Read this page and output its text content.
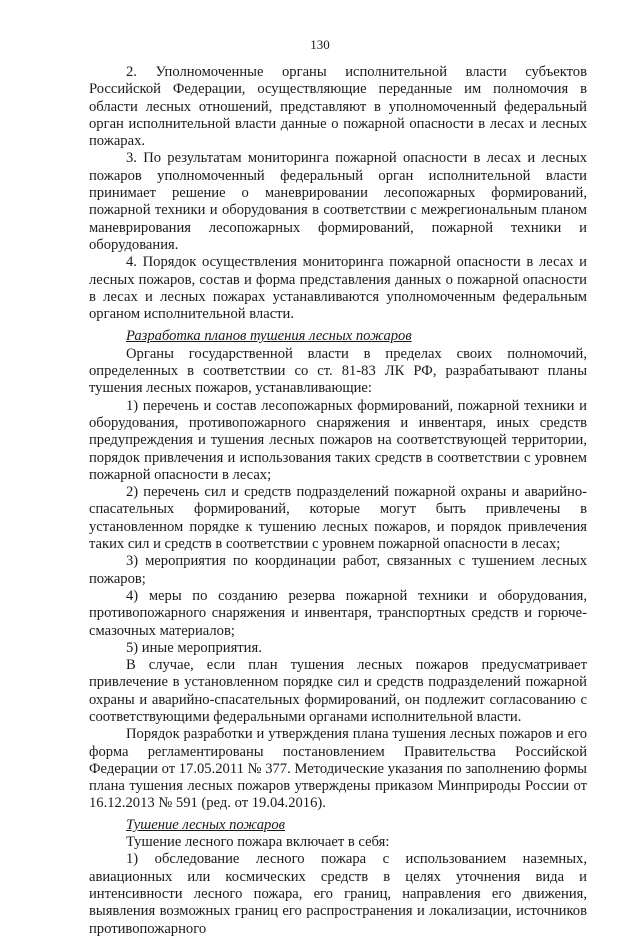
130

2. Уполномоченные органы исполнительной власти субъектов Российской Федерации, осуществляющие переданные им полномочия в области лесных отношений, представляют в уполномоченный федеральный орган исполнительной власти данные о пожарной опасности в лесах и лесных пожарах.

3. По результатам мониторинга пожарной опасности в лесах и лесных пожаров уполномоченный федеральный орган исполнительной власти принимает решение о маневрировании лесопожарных формирований, пожарной техники и оборудования в соответствии с межрегиональным планом маневрирования лесопожарных формирований, пожарной техники и оборудования.

4. Порядок осуществления мониторинга пожарной опасности в лесах и лесных пожаров, состав и форма представления данных о пожарной опасности в лесах и лесных пожарах устанавливаются уполномоченным федеральным органом исполнительной власти.

Разработка планов тушения лесных пожаров

Органы государственной власти в пределах своих полномочий, определенных в соответствии со ст. 81-83 ЛК РФ, разрабатывают планы тушения лесных пожаров, устанавливающие:

1) перечень и состав лесопожарных формирований, пожарной техники и оборудования, противопожарного снаряжения и инвентаря, иных средств предупреждения и тушения лесных пожаров на соответствующей территории, порядок привлечения и использования таких средств в соответствии с уровнем пожарной опасности в лесах;

2) перечень сил и средств подразделений пожарной охраны и аварийно-спасательных формирований, которые могут быть привлечены в установленном порядке к тушению лесных пожаров, и порядок привлечения таких сил и средств в соответствии с уровнем пожарной опасности в лесах;

3) мероприятия по координации работ, связанных с тушением лесных пожаров;

4) меры по созданию резерва пожарной техники и оборудования, противопожарного снаряжения и инвентаря, транспортных средств и горюче-смазочных материалов;

5) иные мероприятия.

В случае, если план тушения лесных пожаров предусматривает привлечение в установленном порядке сил и средств подразделений пожарной охраны и аварийно-спасательных формирований, он подлежит согласованию с соответствующими федеральными органами исполнительной власти.

Порядок разработки и утверждения плана тушения лесных пожаров и его форма регламентированы постановлением Правительства Российской Федерации от 17.05.2011 № 377. Методические указания по заполнению формы плана тушения лесных пожаров утверждены приказом Минприроды России от 16.12.2013 № 591 (ред. от 19.04.2016).

Тушение лесных пожаров

Тушение лесного пожара включает в себя:

1) обследование лесного пожара с использованием наземных, авиационных или космических средств в целях уточнения вида и интенсивности лесного пожара, его границ, направления его движения, выявления возможных границ его распространения и локализации, источников противопожарного
